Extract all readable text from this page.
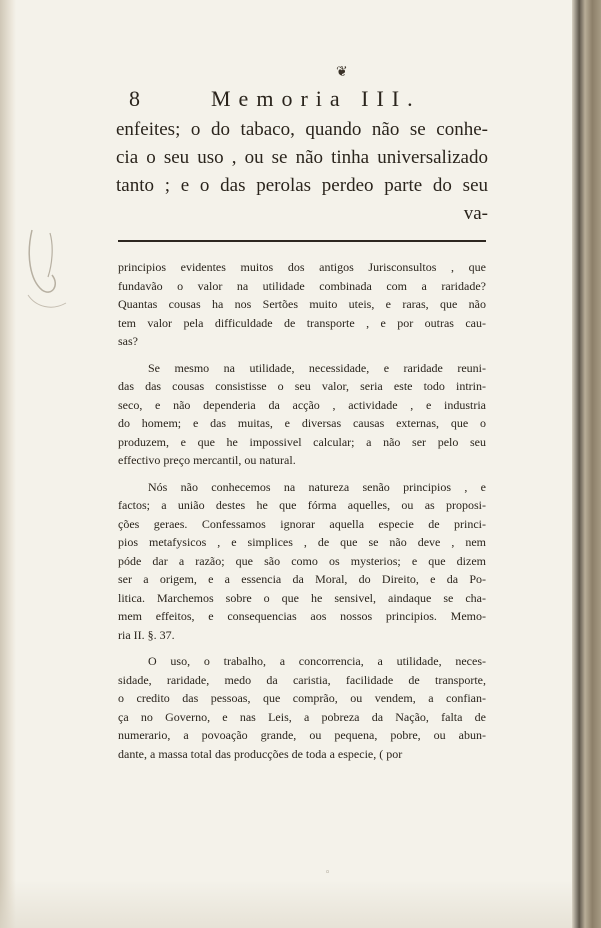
❦
8	Memoria III.
enfeites; o do tabaco, quando não se conhe-
cia o seu uso , ou se não tinha universalizado
tanto ; e o das perolas perdeo parte do seu
va-
principios evidentes muitos dos antigos Jurisconsultos , que
fundavão o valor na utilidade combinada com a raridade?
Quantas cousas ha nos Sertões muito uteis, e raras, que não
tem valor pela difficuldade de transporte , e por outras cau-
sas?
Se mesmo na utilidade, necessidade, e raridade reuni-
das das cousas consistisse o seu valor, seria este todo intrin-
seco, e não dependeria da acção , actividade , e industria
do homem; e das muitas, e diversas causas externas, que o
produzem, e que he impossivel calcular; a não ser pelo seu
effectivo preço mercantil, ou natural.
Nós não conhecemos na natureza senão principios , e
factos; a união destes he que fórma aquelles, ou as proposi-
ções geraes. Confessamos ignorar aquella especie de princi-
pios metafysicos , e simplices , de que se não deve , nem
póde dar a razão; que são como os mysterios; e que dizem
ser a origem, e a essencia da Moral, do Direito, e da Po-
litica. Marchemos sobre o que he sensivel, aindaque se cha-
mem effeitos, e consequencias aos nossos principios. Memo-
ria II. §. 37.
O uso, o trabalho, a concorrencia, a utilidade, neces-
sidade, raridade, medo da caristia, facilidade de transporte,
o credito das pessoas, que comprão, ou vendem, a confian-
ça no Governo, e nas Leis, a pobreza da Nação, falta de
numerario, a povoação grande, ou pequena, pobre, ou abun-
dante, a massa total das producções de toda a especie, ( por
◦
